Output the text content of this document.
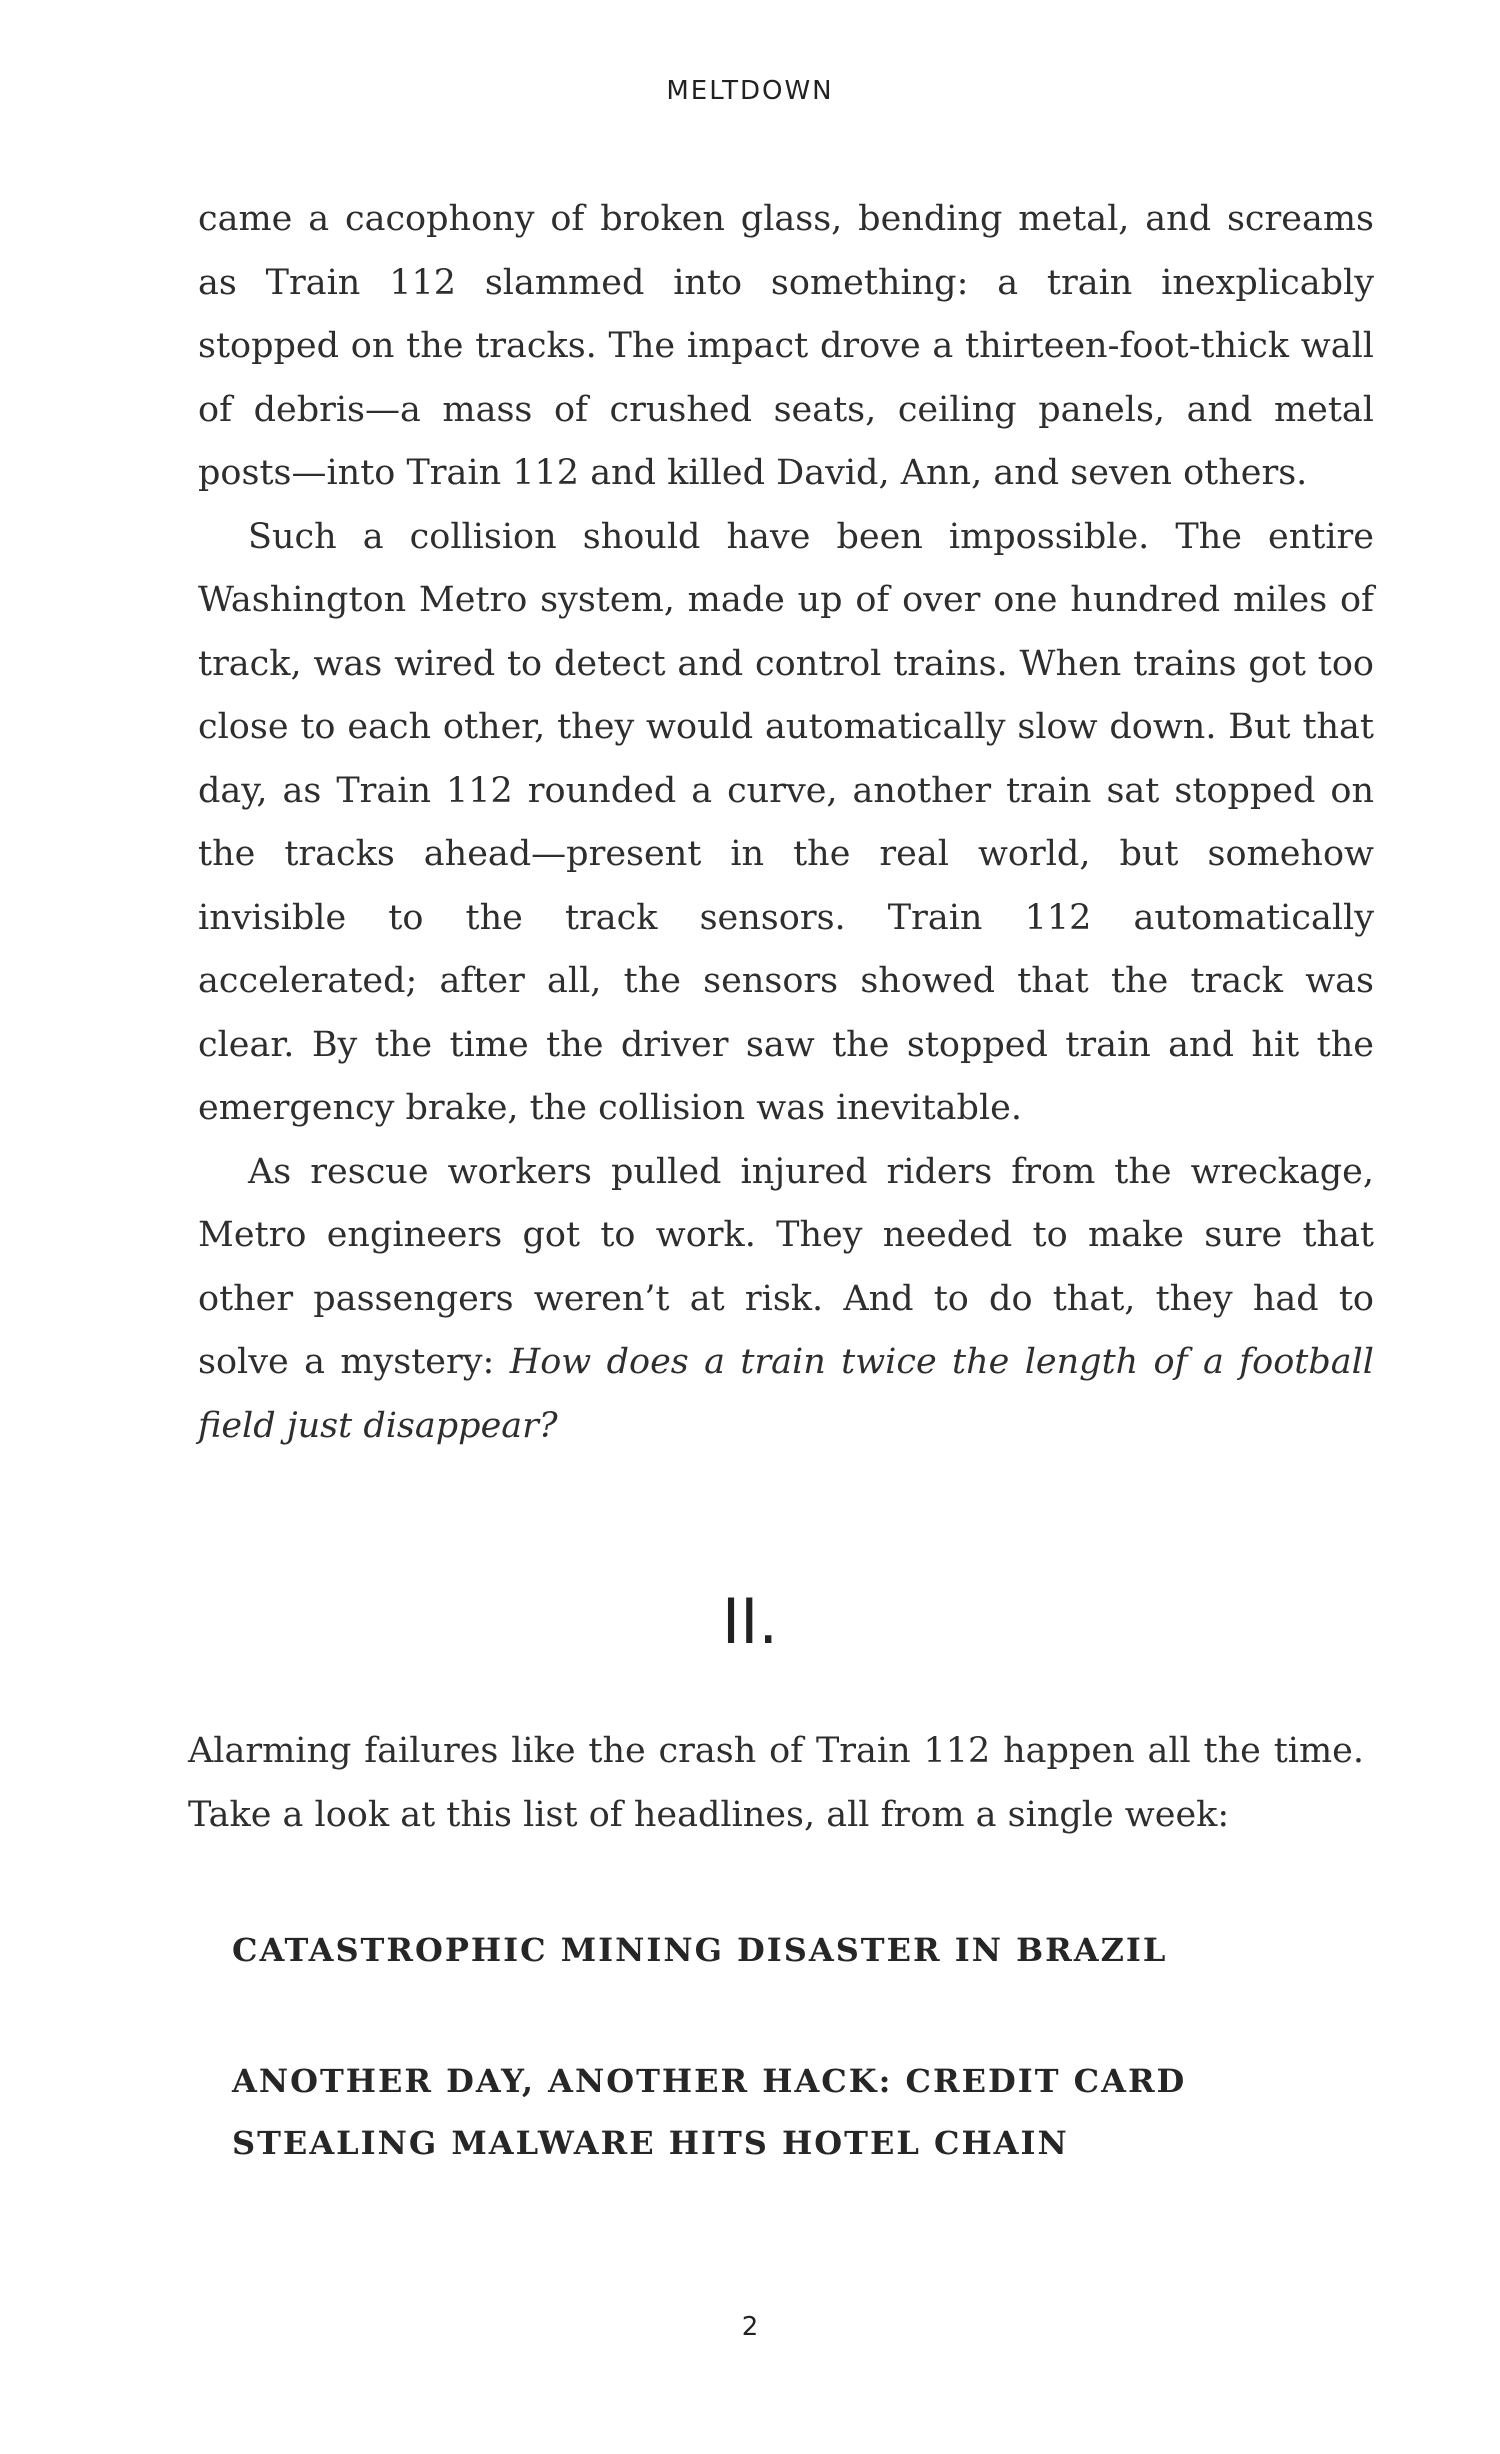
MELTDOWN

came a cacophony of broken glass, bending metal, and screams as Train 112 slammed into something: a train inexplicably stopped on the tracks. The impact drove a thirteen-foot-thick wall of debris—a mass of crushed seats, ceiling panels, and metal posts—into Train 112 and killed David, Ann, and seven others.

Such a collision should have been impossible. The entire Washington Metro system, made up of over one hundred miles of track, was wired to detect and control trains. When trains got too close to each other, they would automatically slow down. But that day, as Train 112 rounded a curve, another train sat stopped on the tracks ahead—present in the real world, but somehow invisible to the track sensors. Train 112 automatically accelerated; after all, the sensors showed that the track was clear. By the time the driver saw the stopped train and hit the emergency brake, the collision was inevitable.

As rescue workers pulled injured riders from the wreckage, Metro engineers got to work. They needed to make sure that other passengers weren’t at risk. And to do that, they had to solve a mystery: How does a train twice the length of a football field just disappear?

II.

Alarming failures like the crash of Train 112 happen all the time. Take a look at this list of headlines, all from a single week:

CATASTROPHIC MINING DISASTER IN BRAZIL
ANOTHER DAY, ANOTHER HACK: CREDIT CARD STEALING MALWARE HITS HOTEL CHAIN
2
